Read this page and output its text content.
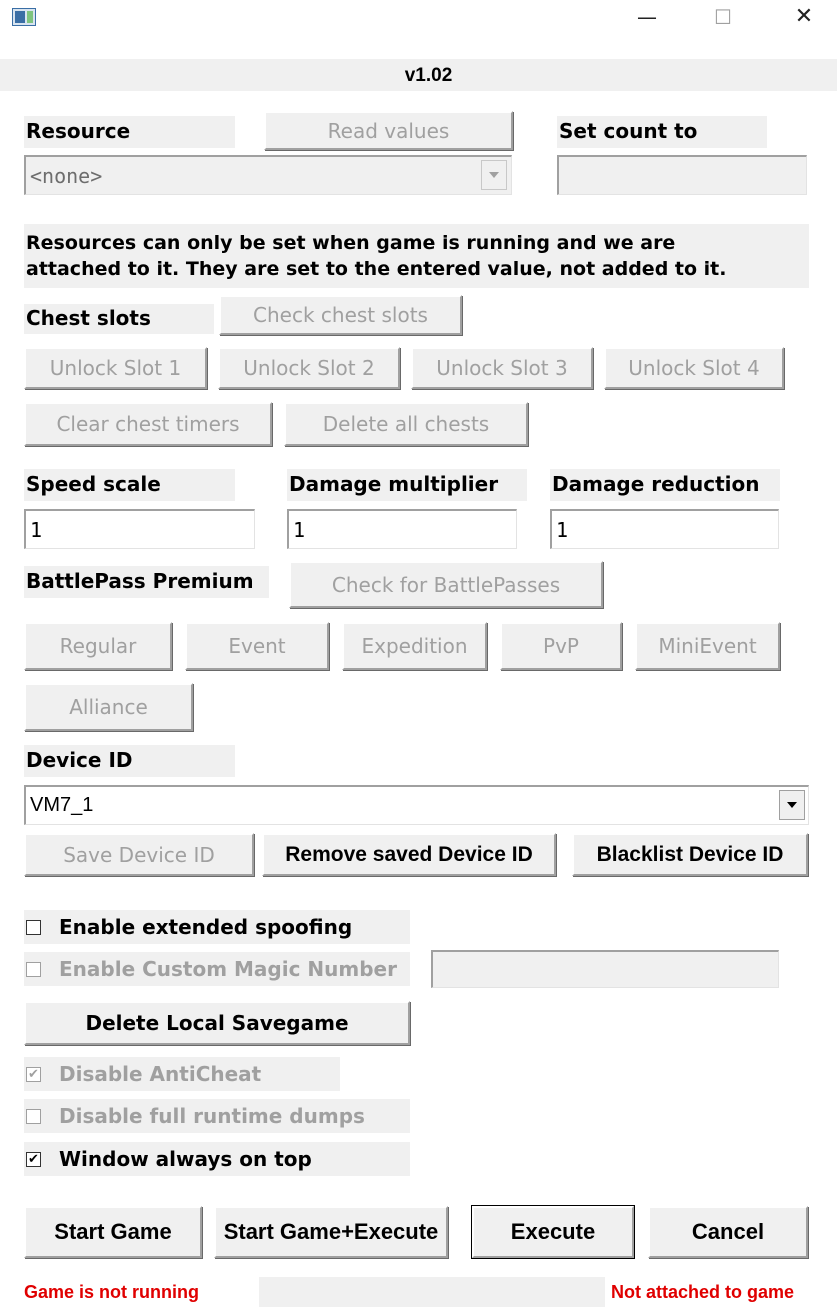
—	☐	✕
v1.02
Resource	Read values	Set count to
<none>
Resources can only be set when game is running and we are
attached to it. They are set to the entered value, not added to it.
Chest slots	Check chest slots
Unlock Slot 1	Unlock Slot 2	Unlock Slot 3	Unlock Slot 4
Clear chest timers	Delete all chests
Speed scale	Damage multiplier	Damage reduction
1	1	1
BattlePass Premium	Check for BattlePasses
Regular	Event	Expedition	PvP	MiniEvent
Alliance
Device ID
VM7_1
Save Device ID	Remove saved Device ID	Blacklist Device ID
Enable extended spoofing
Enable Custom Magic Number
Delete Local Savegame
✔ Disable AntiCheat
Disable full runtime dumps
✔ Window always on top
Start Game	Start Game+Execute	Execute	Cancel
Game is not running	Not attached to game
